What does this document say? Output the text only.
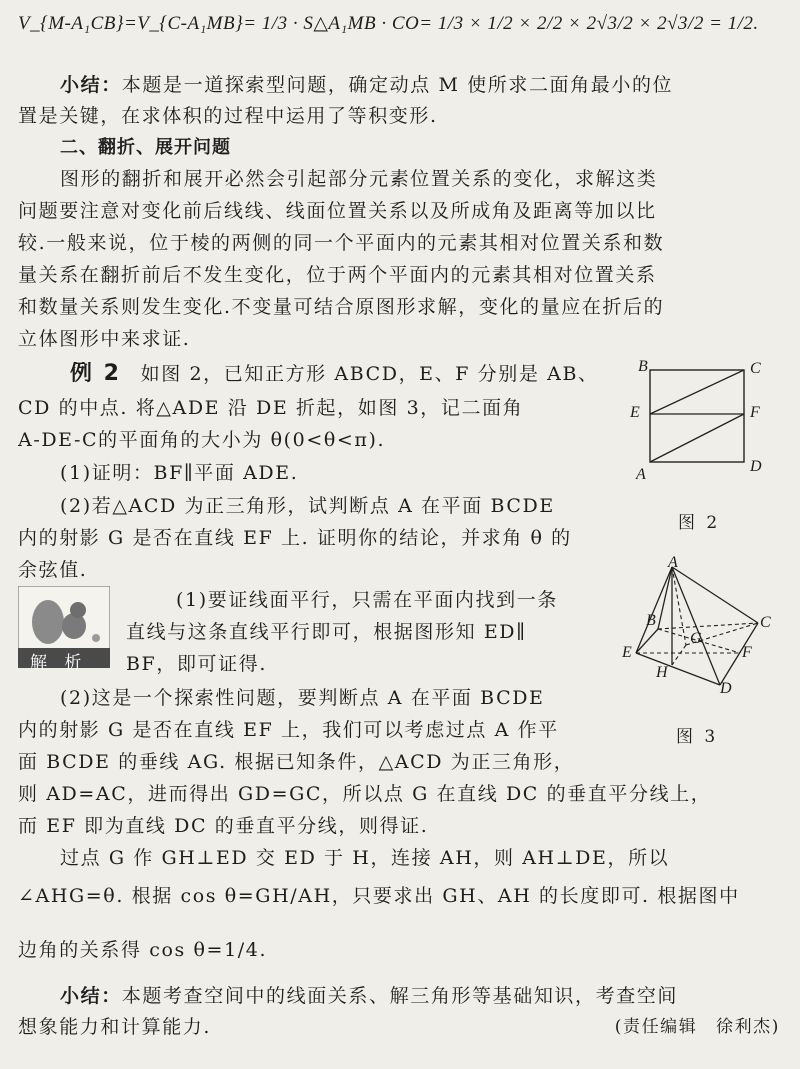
V_{M-A₁CB}=V_{C-A₁MB}= 1/3 · S△A₁MB · CO= 1/3 × 1/2 × 2/2 × 2√3/2 × 2√3/2 = 1/2.
小结：本题是一道探索型问题，确定动点 M 使所求二面角最小的位
置是关键，在求体积的过程中运用了等积变形.
二、翻折、展开问题
图形的翻折和展开必然会引起部分元素位置关系的变化，求解这类
问题要注意对变化前后线线、线面位置关系以及所成角及距离等加以比
较.一般来说，位于棱的两侧的同一个平面内的元素其相对位置关系和数
量关系在翻折前后不发生变化，位于两个平面内的元素其相对位置关系
和数量关系则发生变化.不变量可结合原图形求解，变化的量应在折后的
立体图形中来求证.
例 2 如图 2，已知正方形 ABCD，E、F 分别是 AB、
CD 的中点. 将△ADE 沿 DE 折起，如图 3，记二面角
A-DE-C的平面角的大小为 θ(0<θ<π).
(1)证明：BF∥平面 ADE.
(2)若△ACD 为正三角形，试判断点 A 在平面 BCDE
内的射影 G 是否在直线 EF 上. 证明你的结论，并求角 θ 的
余弦值.
B	C
E	F
A	D
图 2
A
B	C
G
E	F
H
D
图 3
解 析
(1)要证线面平行，只需在平面内找到一条
直线与这条直线平行即可，根据图形知 ED∥
BF，即可证得.
(2)这是一个探索性问题，要判断点 A 在平面 BCDE
内的射影 G 是否在直线 EF 上，我们可以考虑过点 A 作平
面 BCDE 的垂线 AG. 根据已知条件，△ACD 为正三角形，
则 AD=AC，进而得出 GD=GC，所以点 G 在直线 DC 的垂直平分线上，
而 EF 即为直线 DC 的垂直平分线，则得证.
过点 G 作 GH⊥ED 交 ED 于 H，连接 AH，则 AH⊥DE，所以
∠AHG=θ. 根据 cos θ=GH/AH，只要求出 GH、AH 的长度即可. 根据图中
边角的关系得 cos θ=1/4.
小结：本题考查空间中的线面关系、解三角形等基础知识，考查空间
想象能力和计算能力.	(责任编辑　徐利杰)
